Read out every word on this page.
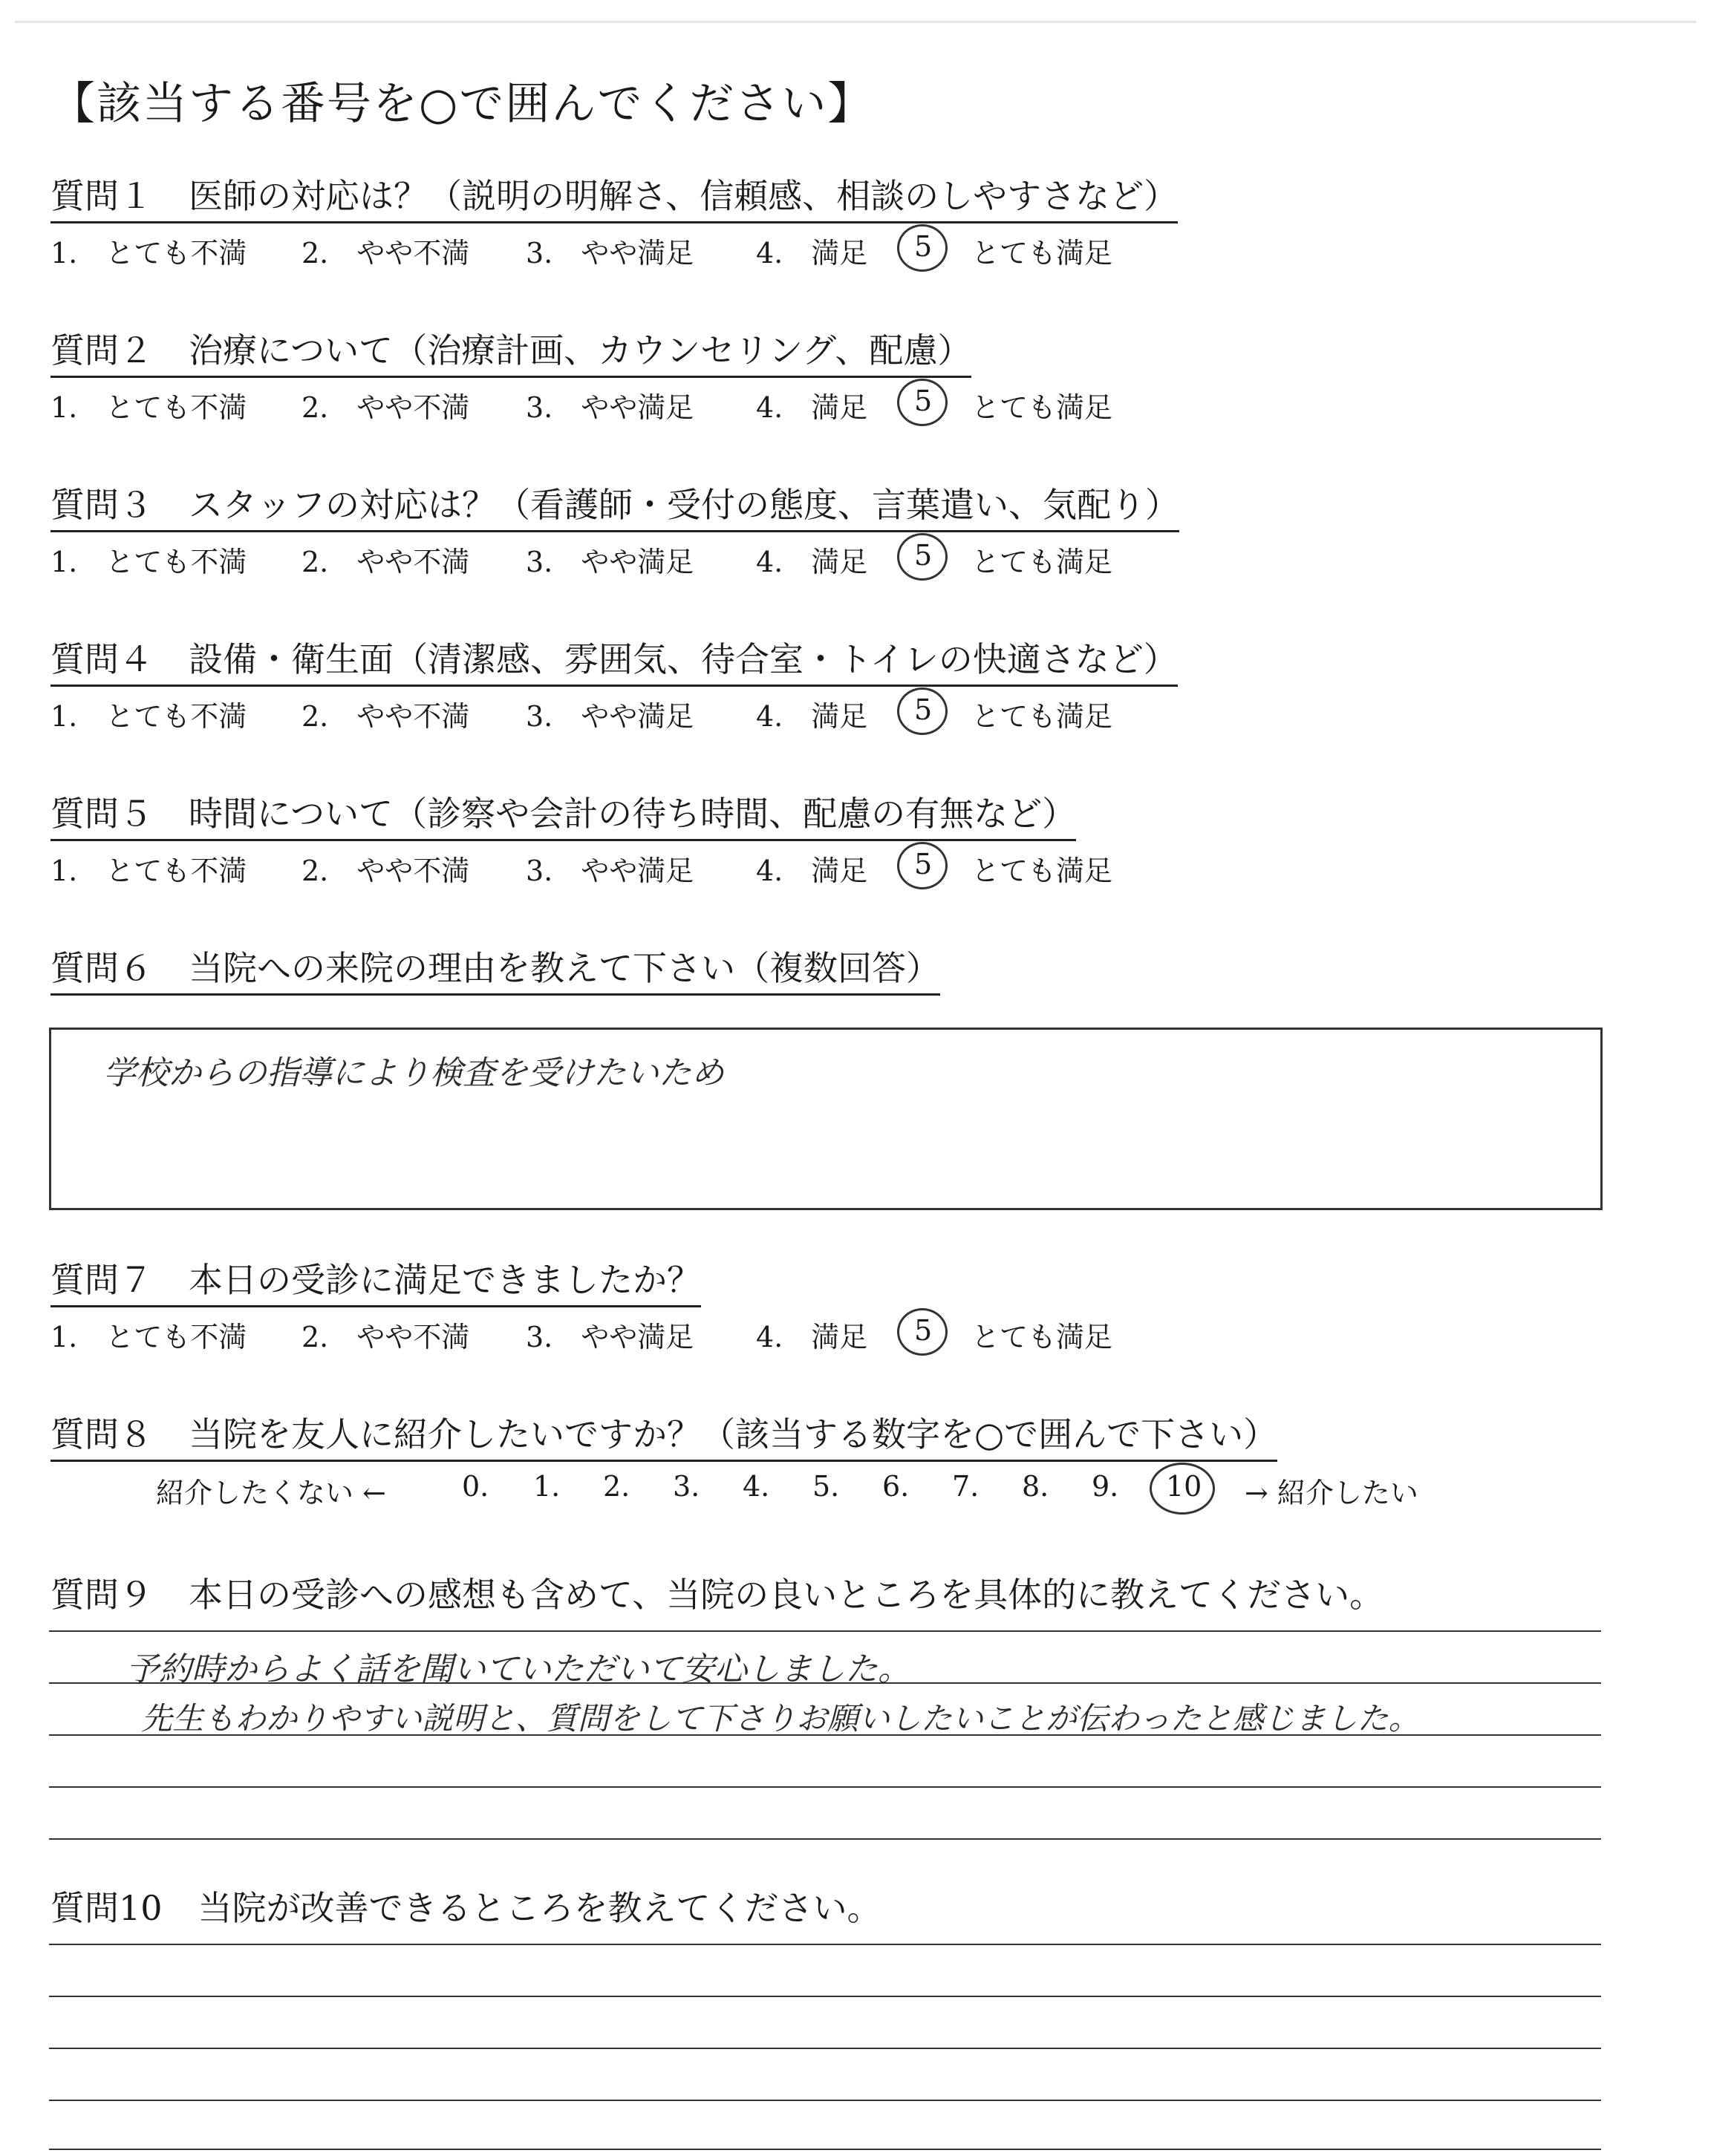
【該当する番号を○で囲んでください】
質問１ 医師の対応は？（説明の明解さ、信頼感、相談のしやすさなど）
1.　とても不満 2.　やや不満 3.　やや満足 4.　満足 5 とても満足
質問２ 治療について（治療計画、カウンセリング、配慮）
1.　とても不満 2.　やや不満 3.　やや満足 4.　満足 5 とても満足
質問３ スタッフの対応は？（看護師・受付の態度、言葉遣い、気配り）
1.　とても不満 2.　やや不満 3.　やや満足 4.　満足 5 とても満足
質問４ 設備・衛生面（清潔感、雰囲気、待合室・トイレの快適さなど）
1.　とても不満 2.　やや不満 3.　やや満足 4.　満足 5 とても満足
質問５ 時間について（診察や会計の待ち時間、配慮の有無など）
1.　とても不満 2.　やや不満 3.　やや満足 4.　満足 5 とても満足
質問６ 当院への来院の理由を教えて下さい（複数回答）
学校からの指導により検査を受けたいため
質問７ 本日の受診に満足できましたか？
1.　とても不満 2.　やや不満 3.　やや満足 4.　満足 5 とても満足
質問８ 当院を友人に紹介したいですか？（該当する数字を○で囲んで下さい）
紹介したくない ←	0. 1. 2. 3. 4. 5. 6. 7. 8. 9. 10 → 紹介したい
質問９ 本日の受診への感想も含めて、当院の良いところを具体的に教えてください。
予約時からよく話を聞いていただいて安心しました。
先生もわかりやすい説明と、質問をして下さりお願いしたいことが伝わったと感じました。
質問10 当院が改善できるところを教えてください。
